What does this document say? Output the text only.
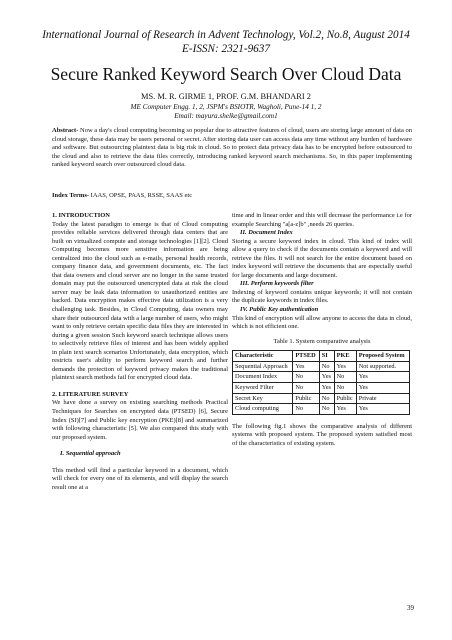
International Journal of Research in Advent Technology, Vol.2, No.8, August 2014
E-ISSN: 2321-9637
Secure Ranked Keyword Search Over Cloud Data
MS. M. R. GIRME 1, PROF. G.M. BHANDARI 2
ME Computer Engg. 1, 2, JSPM's BSIOTR, Wagholi, Pune-14 1, 2
Email: mayura.shelke@gmail.com1
Abstract- Now a day's cloud computing becoming so popular due to attractive features of cloud, users are storing large amount of data on cloud storage, these data may be users personal or secret. After storing data user can access data any time without any burden of hardware and software. But outsourcing plaintext data is big risk in cloud. So to protect data privacy data has to be encrypted before outsourced to the cloud and also to retrieve the data files correctly, introducing ranked keyword search mechanisms. So, in this paper implementing ranked keyword search over outsourced cloud data.
Index Terms- IAAS, OPSE, PAAS, RSSE, SAAS etc

1. INTRODUCTION

Today the latest paradigm to emerge is that of Cloud computing provides reliable services delivered through data centers that are built on virtualized compute and storage technologies [1][2]. Cloud Computing becomes more sensitive information are being centralized into the cloud such as e-mails, personal health records, company finance data, and government documents, etc. The fact that data owners and cloud server are no longer in the same trusted domain may put the outsourced unencrypted data at risk the cloud server may be leak data information to unauthorized entities are hacked. Data encryption makes effective data utilization is a very challenging task. Besides, in Cloud Computing, data owners may share their outsourced data with a large number of users, who might want to only retrieve certain specific data files they are interested in during a given session Such keyword search technique allows users to selectively retrieve files of interest and has been widely applied in plain text search scenarios Unfortunately, data encryption, which restricts user's ability to perform keyword search and further demands the protection of keyword privacy makes the traditional plaintext search methods fail for encrypted cloud data.

2. LITERATURE SURVEY

We have done a survey on existing searching methods Practical Techniques for Searches on encrypted data (PTSED) [6], Secure Index (SI)[7] and Public key encryption (PKE)[8] and summarized with following characteristic [5]. We also compared this study with our proposed system.

I. Sequential approach

This method will find a particular keyword in a document, which will check for every one of its elements, and will display the search result one at a

time and in linear order and this will decrease the performance i.e for example Searching "a[a-z]b" ,needs 26 queries.

II. Document Index

Storing a secure keyword index in cloud. This kind of index will allow a query to check if the documents contain a keyword and will retrieve the files. It will not search for the entire document based on index keyword will retrieve the documents that are especially useful for large documents and large document.

III. Perform keywords filter

Indexing of keyword contains unique keywords; it will not contain the duplicate keywords in index files.

IV. Public Key authentication

This kind of encryption will allow anyone to access the data in cloud, which is not efficient one.

Table 1. System comparative analysis

Characteristic	PTSED	SI	PKE	Proposed System
Sequential Approach	Yes	No	Yes	Not supported.
Document Index	No	Yes	No	Yes
Keyword Filter	No	Yes	No	Yes
Secret Key	Public	No	Public	Private
Cloud computing	No	No	Yes	Yes

The following fig.1 shows the comparative analysis of different systems with proposed system. The proposed system satisfied most of the characteristics of existing system.

39
